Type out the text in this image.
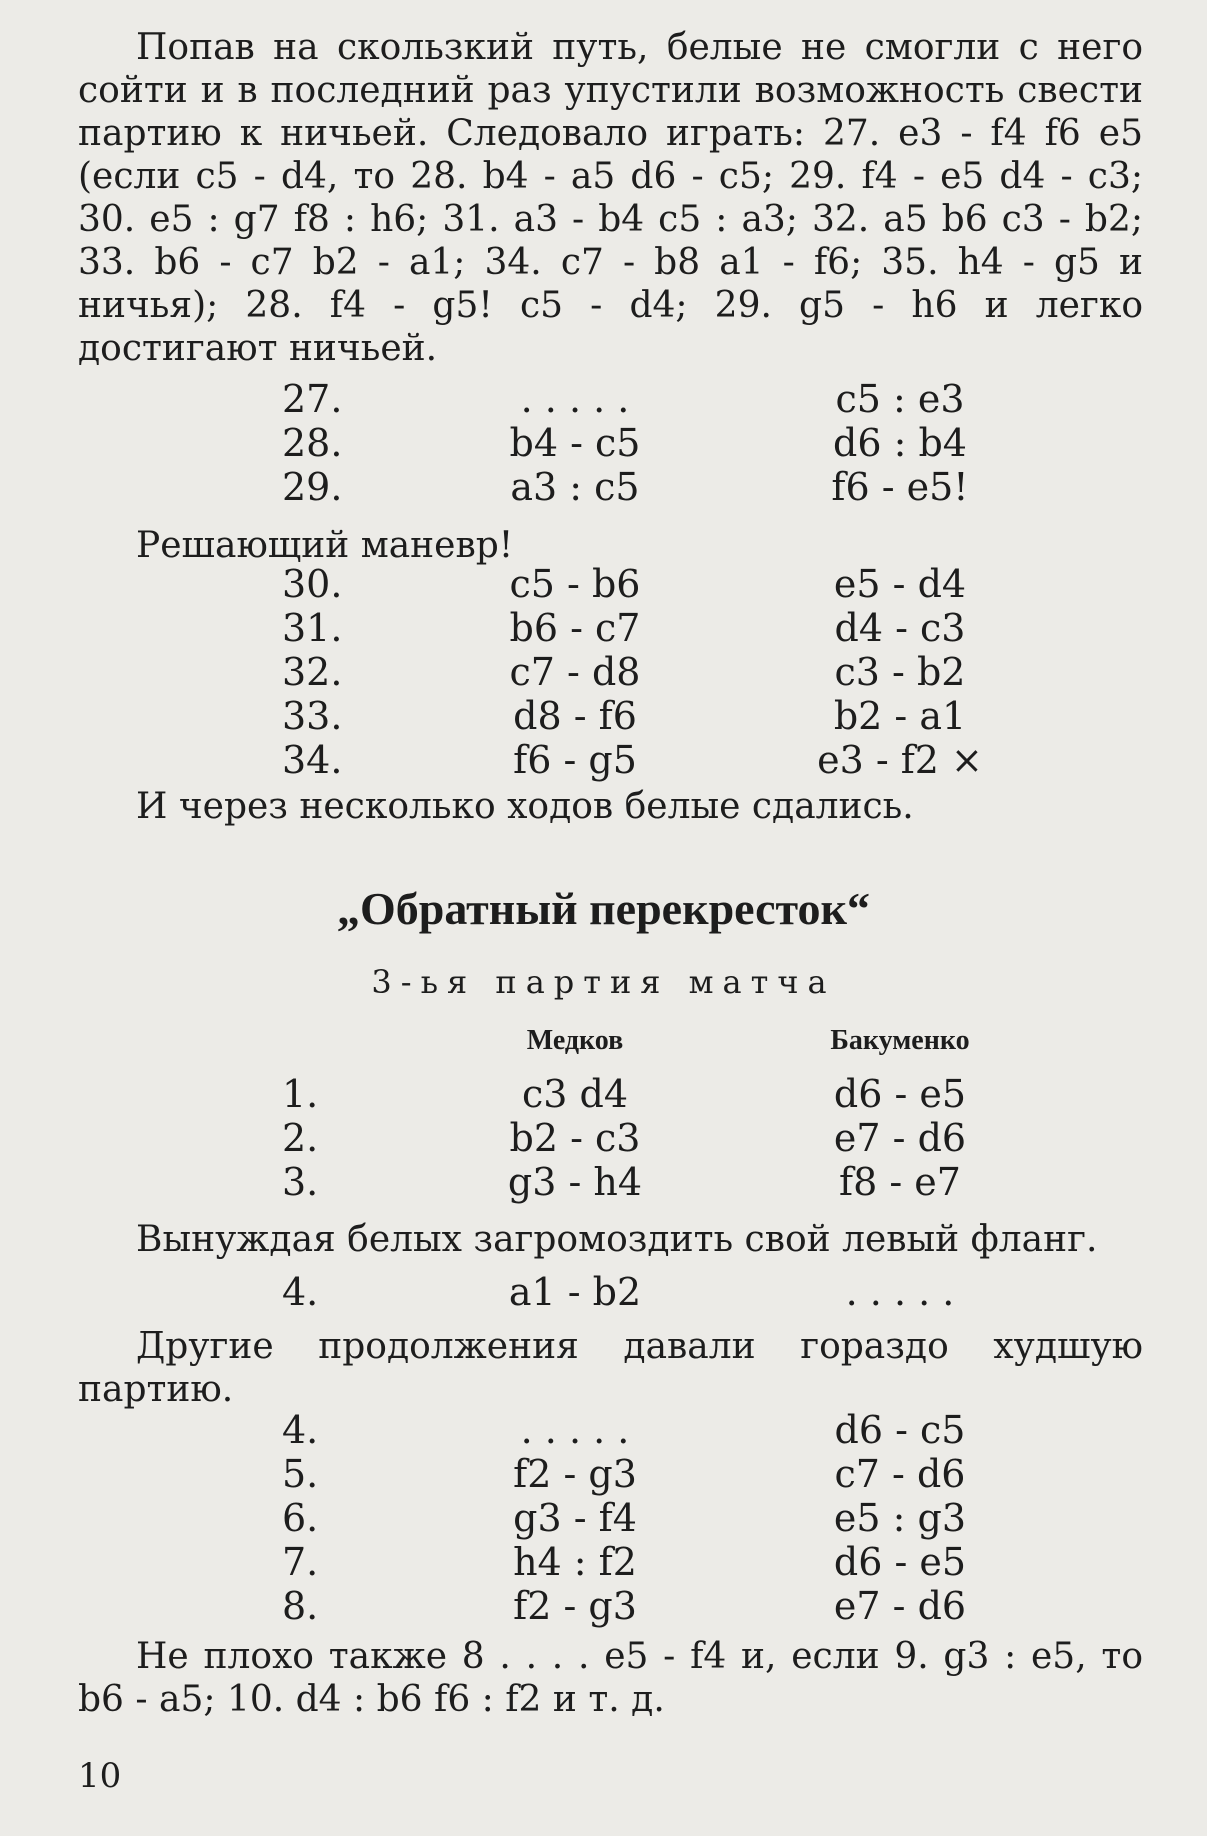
Попав на скользкий путь, белые не смогли с него сойти и в последний раз упустили возможность свести партию к ничьей. Следовало играть: 27. e3 - f4 f6 e5 (если c5 - d4, то 28. b4 - a5 d6 - c5; 29. f4 - e5 d4 - c3; 30. e5 : g7 f8 : h6; 31. a3 - b4 c5 : a3; 32. a5 b6 c3 - b2; 33. b6 - c7 b2 - a1; 34. c7 - b8 a1 - f6; 35. h4 - g5 и ничья); 28. f4 - g5! c5 - d4; 29. g5 - h6 и легко достигают ничьей.

27.	. . . . .	c5 : e3
28.	b4 - c5	d6 : b4
29.	a3 : c5	f6 - e5!

Решающий маневр!

30.	c5 - b6	e5 - d4
31.	b6 - c7	d4 - c3
32.	c7 - d8	c3 - b2
33.	d8 - f6	b2 - a1
34.	f6 - g5	e3 - f2 ×

И через несколько ходов белые сдались.

„Обратный перекресток“
3-ья партия матча
Медков	Бакуменко
1.	c3 d4	d6 - e5
2.	b2 - c3	e7 - d6
3.	g3 - h4	f8 - e7

Вынуждая белых загромоздить свой левый фланг.

4.	a1 - b2	. . . . .

Другие продолжения давали гораздо худшую партию.

4.	. . . . .	d6 - c5
5.	f2 - g3	c7 - d6
6.	g3 - f4	e5 : g3
7.	h4 : f2	d6 - e5
8.	f2 - g3	e7 - d6

Не плохо также 8 . . . . e5 - f4 и, если 9. g3 : e5, то b6 - a5; 10. d4 : b6 f6 : f2 и т. д.

10
